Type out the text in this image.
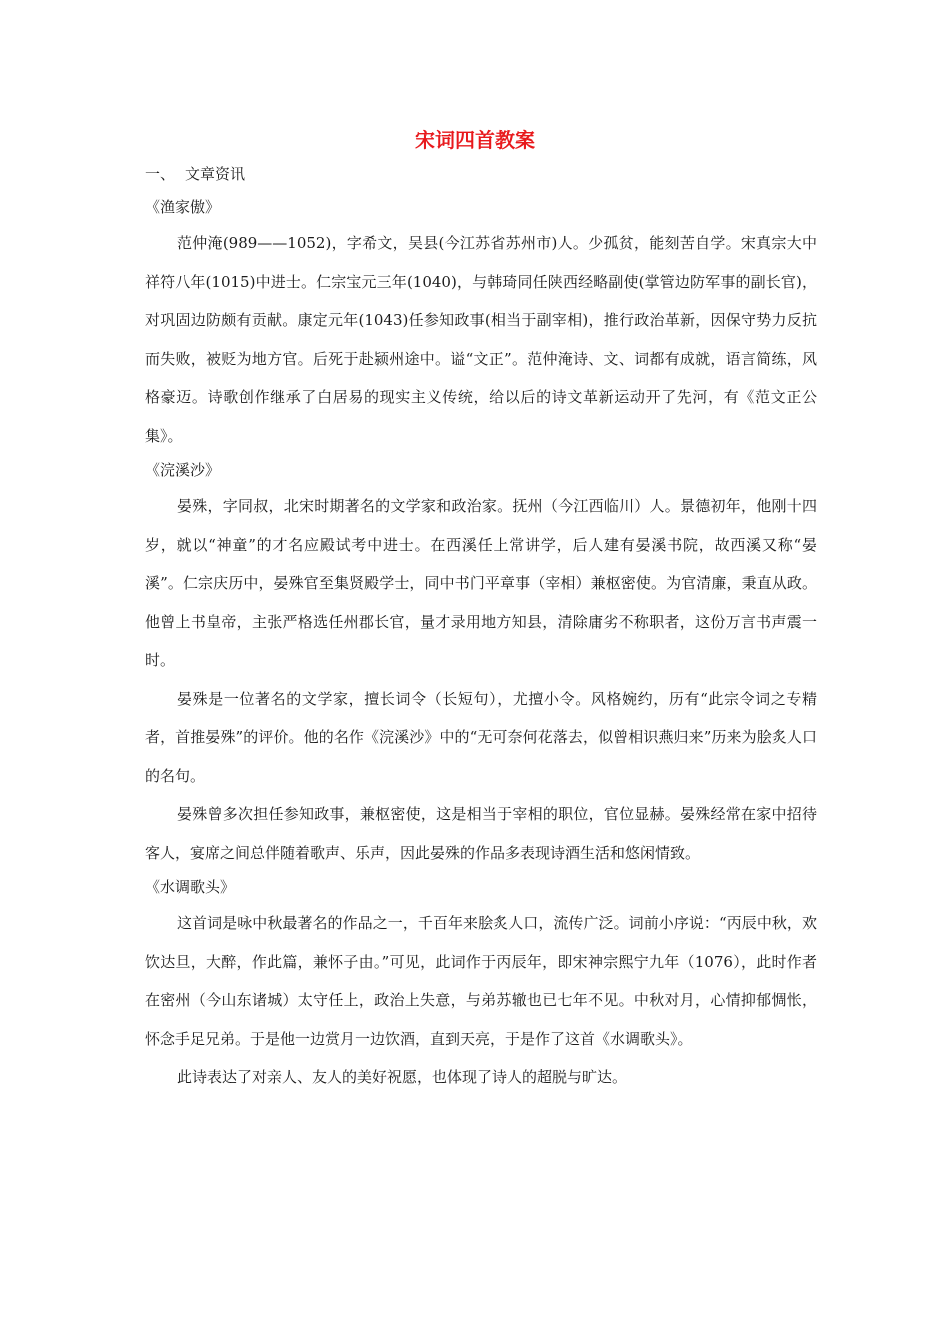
宋词四首教案

一、 文章资讯

《渔家傲》

范仲淹(989——1052)，字希文，吴县(今江苏省苏州市)人。少孤贫，能刻苦自学。宋真宗大中祥符八年(1015)中进士。仁宗宝元三年(1040)，与韩琦同任陕西经略副使(掌管边防军事的副长官)，对巩固边防颇有贡献。康定元年(1043)任参知政事(相当于副宰相)，推行政治革新，因保守势力反抗而失败，被贬为地方官。后死于赴颍州途中。谥“文正”。范仲淹诗、文、词都有成就，语言简练，风格豪迈。诗歌创作继承了白居易的现实主义传统，给以后的诗文革新运动开了先河，有《范文正公集》。

《浣溪沙》

晏殊，字同叔，北宋时期著名的文学家和政治家。抚州（今江西临川）人。景德初年，他刚十四岁，就以“神童”的才名应殿试考中进士。在西溪任上常讲学，后人建有晏溪书院，故西溪又称“晏溪”。仁宗庆历中，晏殊官至集贤殿学士，同中书门平章事（宰相）兼枢密使。为官清廉，秉直从政。他曾上书皇帝，主张严格选任州郡长官，量才录用地方知县，清除庸劣不称职者，这份万言书声震一时。

晏殊是一位著名的文学家，擅长词令（长短句），尤擅小令。风格婉约，历有“此宗令词之专精者，首推晏殊”的评价。他的名作《浣溪沙》中的“无可奈何花落去，似曾相识燕归来”历来为脍炙人口的名句。

晏殊曾多次担任参知政事，兼枢密使，这是相当于宰相的职位，官位显赫。晏殊经常在家中招待客人，宴席之间总伴随着歌声、乐声，因此晏殊的作品多表现诗酒生活和悠闲情致。

《水调歌头》

这首词是咏中秋最著名的作品之一，千百年来脍炙人口，流传广泛。词前小序说：“丙辰中秋，欢饮达旦，大醉，作此篇，兼怀子由。”可见，此词作于丙辰年，即宋神宗熙宁九年（1076），此时作者在密州（今山东诸城）太守任上，政治上失意，与弟苏辙也已七年不见。中秋对月，心情抑郁惆怅，怀念手足兄弟。于是他一边赏月一边饮酒，直到天亮，于是作了这首《水调歌头》。

此诗表达了对亲人、友人的美好祝愿，也体现了诗人的超脱与旷达。
